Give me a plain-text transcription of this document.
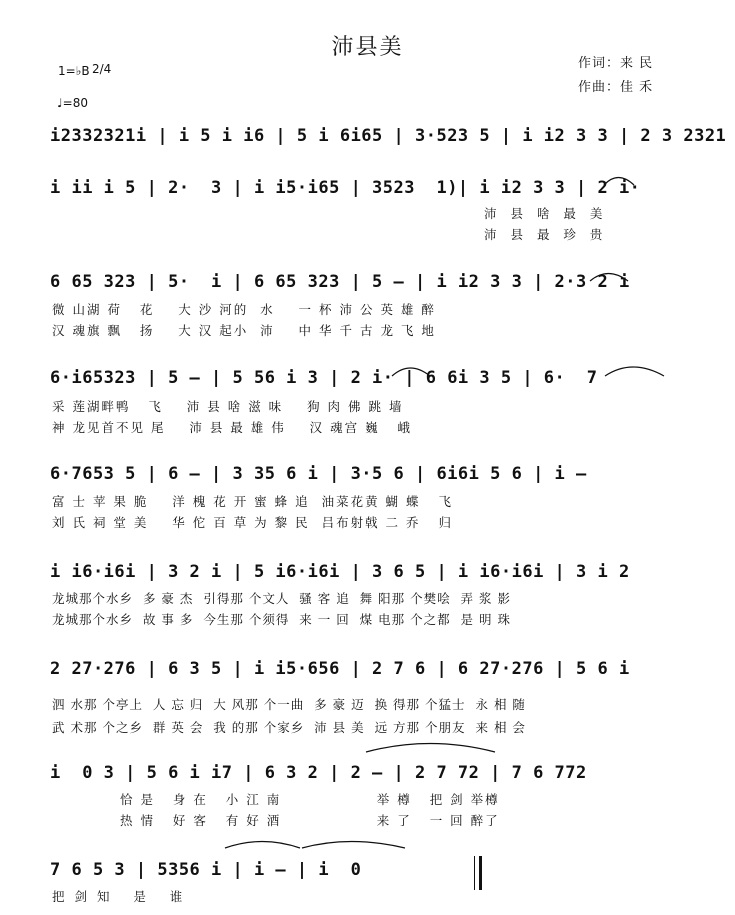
沛县美
作词：来 民
作曲：佳 禾
1=♭B 2/4
♩=80
i2332321i | i 5 i i6 | 5 i 6i65 | 3·523 5 | i i2 3 3 | 2 3 2321
i ii i 5 | 2·  3 | i i5·i65 | 3523  1)| i i2 3 3 | 2 i·
沛 县 啥 最 美
沛 县 最 珍 贵
6 65 323 | 5·  i | 6 65 323 | 5 – | i i2 3 3 | 2·3 2 i
微 山湖 荷   花    大 沙 河的  水    一 杯 沛 公 英 雄 醉
汉 魂旗 飘   扬    大 汉 起小  沛    中 华 千 古 龙 飞 地
6·i65323 | 5 – | 5 56 i 3 | 2 i· | 6 6i 3 5 | 6·  7
采 莲湖畔鸭   飞    沛 县 啥 滋 味    狗 肉 佛 跳 墙
神 龙见首不见 尾    沛 县 最 雄 伟    汉 魂宫 巍   峨
6·7653 5 | 6 – | 3 35 6 i | 3·5 6 | 6i6i 5 6 | i –
富 士 苹 果 脆    洋 槐 花 开 蜜 蜂 追  油菜花黄 蝴 蝶   飞
刘 氏 祠 堂 美    华 佗 百 草 为 黎 民  吕布射戟 二 乔   归
i i6·i6i | 3 2 i | 5 i6·i6i | 3 6 5 | i i6·i6i | 3 i 2
龙城那个水乡  多 豪 杰  引得那 个文人  骚 客 追  舞 阳那 个樊哙  弄 浆 影
龙城那个水乡  故 事 多  今生那 个须得  来 一 回  煤 电那 个之都  是 明 珠
2 27·276 | 6 3 5 | i i5·656 | 2 7 6 | 6 27·276 | 5 6 i
泗 水那 个亭上  人 忘 归  大 风那 个一曲  多 豪 迈  换 得那 个猛士  永 相 随
武 术那 个之乡  群 英 会  我 的那 个家乡  沛 县 美  远 方那 个朋友  来 相 会
i  0 3 | 5 6 i i7 | 6 3 2 | 2 – | 2 7 72 | 7 6 772
恰 是   身 在   小 江 南                举 樽   把 剑 举樽
热 情   好 客   有 好 酒                来 了   一 回 醉了
7 6 5 3 | 5356 i | i – | i  0
把 剑 知   是   谁
